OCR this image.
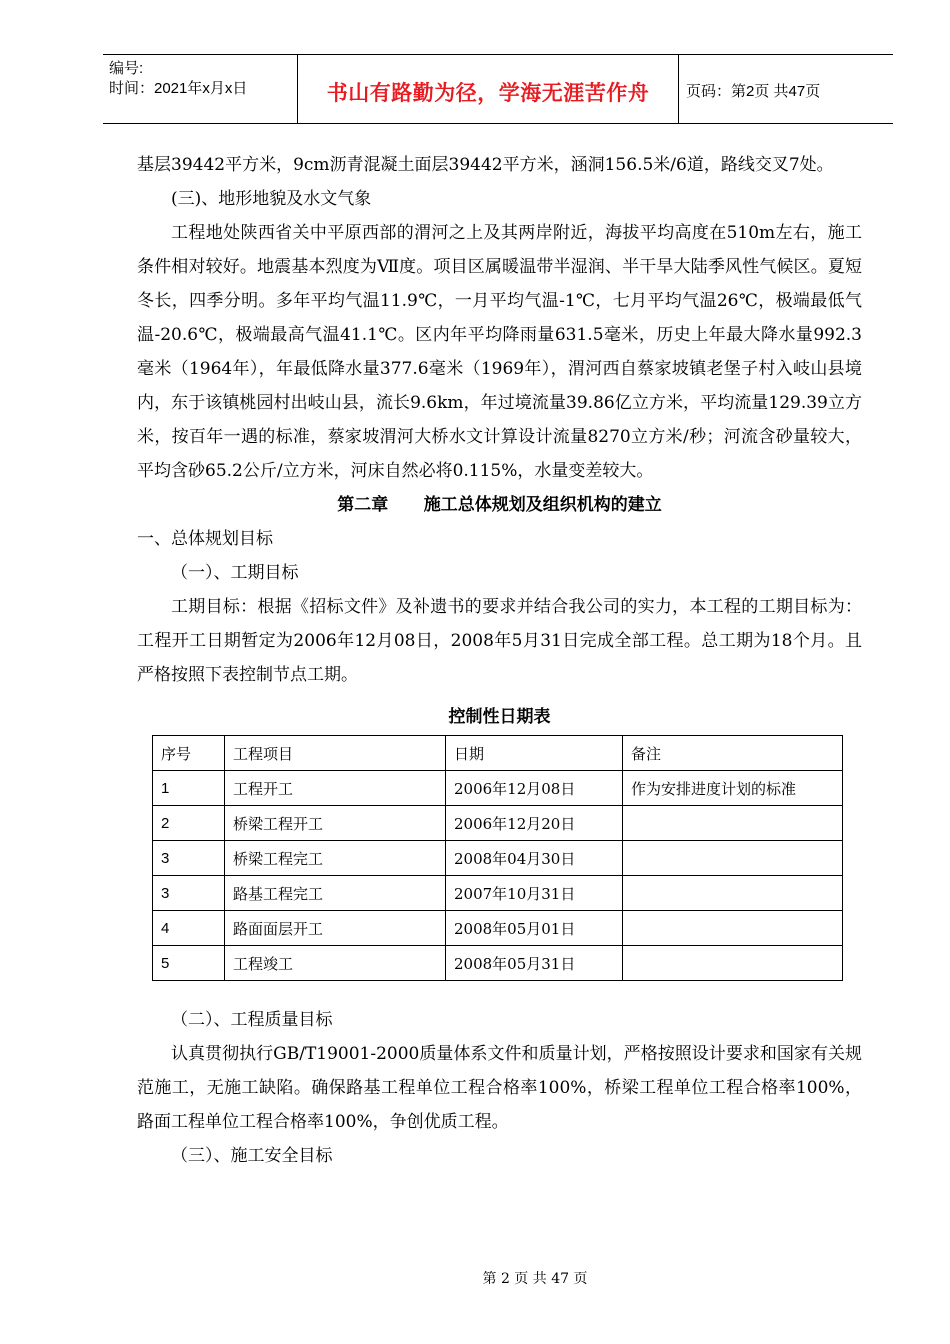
编号:
时间：2021年x月x日	书山有路勤为径，学海无涯苦作舟	页码：第2页 共47页

基层39442平方米，9cm沥青混凝土面层39442平方米，涵洞156.5米/6道，路线交叉7处。

(三)、地形地貌及水文气象

工程地处陕西省关中平原西部的渭河之上及其两岸附近，海拔平均高度在510m左右，施工条件相对较好。地震基本烈度为Ⅶ度。项目区属暖温带半湿润、半干旱大陆季风性气候区。夏短冬长，四季分明。多年平均气温11.9℃，一月平均气温-1℃，七月平均气温26℃，极端最低气温-20.6℃，极端最高气温41.1℃。区内年平均降雨量631.5毫米，历史上年最大降水量992.3毫米（1964年），年最低降水量377.6毫米（1969年），渭河西自蔡家坡镇老堡子村入岐山县境内，东于该镇桃园村出岐山县，流长9.6km，年过境流量39.86亿立方米，平均流量129.39立方米，按百年一遇的标准，蔡家坡渭河大桥水文计算设计流量8270立方米/秒；河流含砂量较大，平均含砂65.2公斤/立方米，河床自然必将0.115%，水量变差较大。

第二章      施工总体规划及组织机构的建立

一、总体规划目标

（一）、工期目标

工期目标：根据《招标文件》及补遗书的要求并结合我公司的实力，本工程的工期目标为：工程开工日期暂定为2006年12月08日，2008年5月31日完成全部工程。总工期为18个月。且严格按照下表控制节点工期。

控制性日期表
序号	工程项目	日期	备注
1	工程开工	2006年12月08日	作为安排进度计划的标准
2	桥梁工程开工	2006年12月20日	
3	桥梁工程完工	2008年04月30日	
3	路基工程完工	2007年10月31日	
4	路面面层开工	2008年05月01日	
5	工程竣工	2008年05月31日	

（二）、工程质量目标

认真贯彻执行GB/T19001-2000质量体系文件和质量计划，严格按照设计要求和国家有关规范施工，无施工缺陷。确保路基工程单位工程合格率100%，桥梁工程单位工程合格率100%，路面工程单位工程合格率100%，争创优质工程。

（三）、施工安全目标

第 2 页 共 47 页
